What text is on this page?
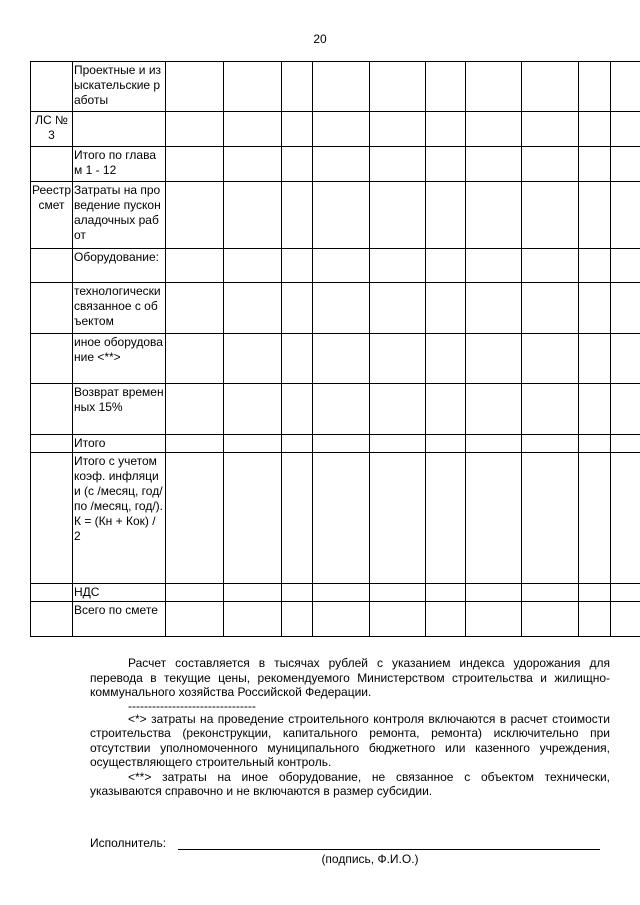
20
	Проектные и изыскательские работы										
ЛС № 3											
	Итого по главам 1 - 12										
Реестр смет	Затраты на проведение пусконаладочных работ										
	Оборудование:										
	технологически связанное с объектом										
	иное оборудование <**>										
	Возврат временных 15%										
	Итого										
	Итого с учетом коэф. инфляции (с /месяц, год/ по /месяц, год/). К = (Кн + Кок) / 2										
	НДС										
	Всего по смете										

Расчет составляется в тысячах рублей с указанием индекса удорожания для перевода в текущие цены, рекомендуемого Министерством строительства и жилищно-коммунального хозяйства Российской Федерации.

--------------------------------

<*> затраты на проведение строительного контроля включаются в расчет стоимости строительства (реконструкции, капитального ремонта, ремонта) исключительно при отсутствии уполномоченного муниципального бюджетного или казенного учреждения, осуществляющего строительный контроль.

<**> затраты на иное оборудование, не связанное с объектом технически, указываются справочно и не включаются в размер субсидии.

Исполнитель:
(подпись, Ф.И.О.)
